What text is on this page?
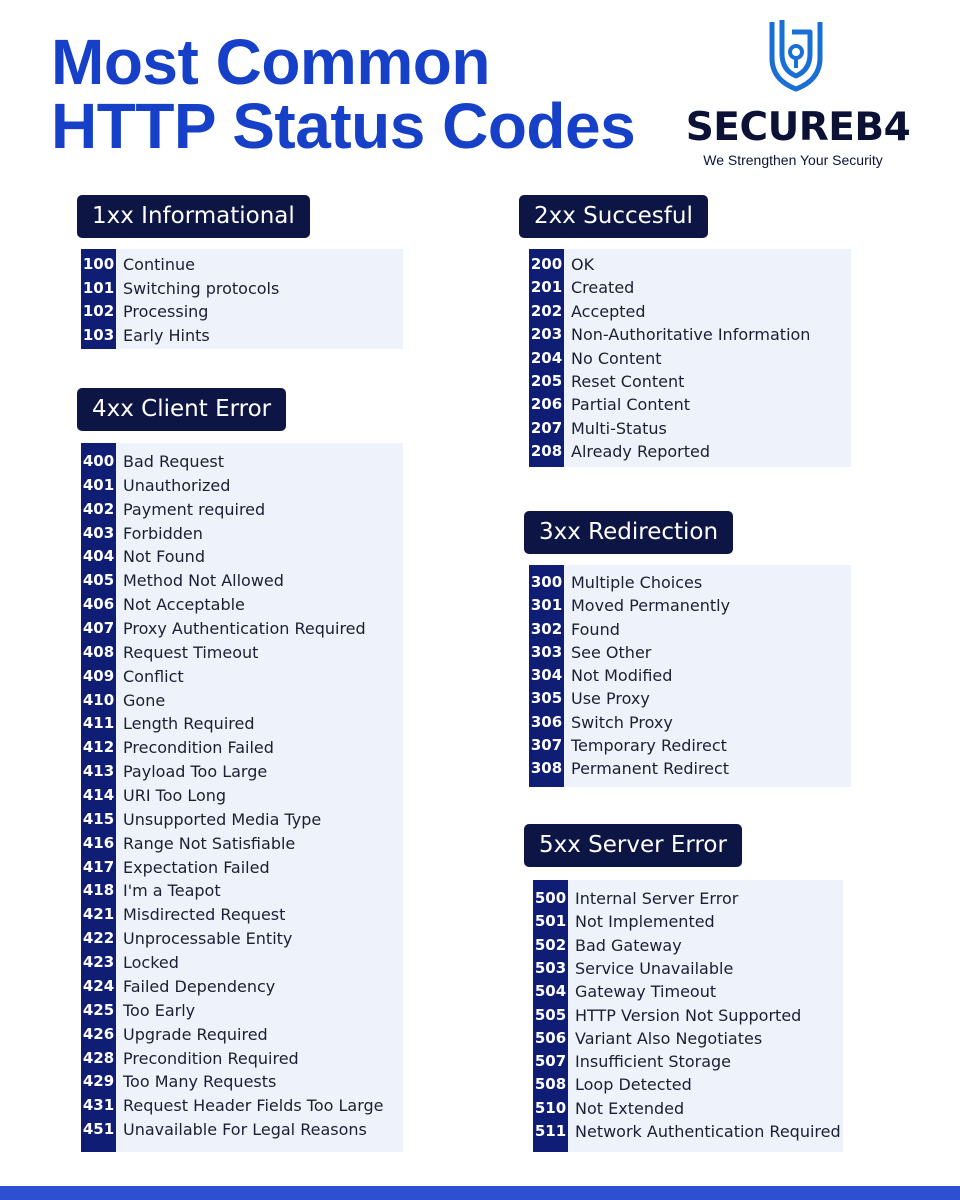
Most Common
HTTP Status Codes SECUREB4
We Strengthen Your Security
1xx Informational	2xx Succesful
4xx Client Error
3xx Redirection
5xx Server Error
100 Continue
101 Switching protocols
102 Processing
103 Early Hints
200 OK
201 Created
202 Accepted
203 Non-Authoritative Information
204 No Content
205 Reset Content
206 Partial Content
207 Multi-Status
208 Already Reported
400 Bad Request
401 Unauthorized
402 Payment required
403 Forbidden
404 Not Found
405 Method Not Allowed
406 Not Acceptable
407 Proxy Authentication Required
408 Request Timeout
409 Conflict
410 Gone
411 Length Required
412 Precondition Failed
413 Payload Too Large
414 URI Too Long
415 Unsupported Media Type
416 Range Not Satisfiable
417 Expectation Failed
418 I'm a Teapot
421 Misdirected Request
422 Unprocessable Entity
423 Locked
424 Failed Dependency
425 Too Early
426 Upgrade Required
428 Precondition Required
429 Too Many Requests
431 Request Header Fields Too Large
451 Unavailable For Legal Reasons
300 Multiple Choices
301 Moved Permanently
302 Found
303 See Other
304 Not Modified
305 Use Proxy
306 Switch Proxy
307 Temporary Redirect
308 Permanent Redirect
500 Internal Server Error
501 Not Implemented
502 Bad Gateway
503 Service Unavailable
504 Gateway Timeout
505 HTTP Version Not Supported
506 Variant Also Negotiates
507 Insufficient Storage
508 Loop Detected
510 Not Extended
511 Network Authentication Required
